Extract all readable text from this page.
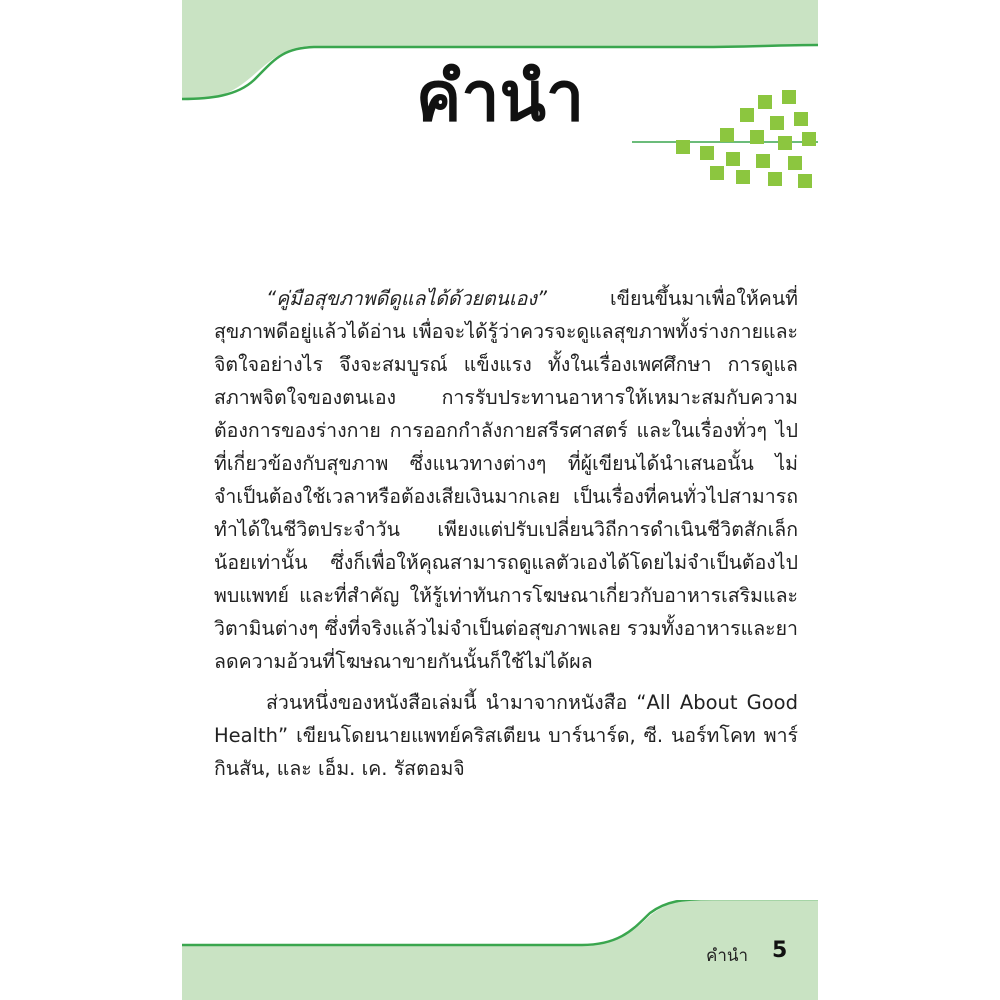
คำนำ

“คู่มือสุขภาพดีดูแลได้ด้วยตนเอง” เขียนขึ้นมาเพื่อให้คนที่สุขภาพดีอยู่แล้วได้อ่าน เพื่อจะได้รู้ว่าควรจะดูแลสุขภาพทั้งร่างกายและจิตใจอย่างไร จึงจะสมบูรณ์ แข็งแรง ทั้งในเรื่องเพศศึกษา การดูแลสภาพจิตใจของตนเอง การรับประทานอาหารให้เหมาะสมกับความต้องการของร่างกาย การออกกำลังกายสรีรศาสตร์ และในเรื่องทั่วๆ ไปที่เกี่ยวข้องกับสุขภาพ ซึ่งแนวทางต่างๆ ที่ผู้เขียนได้นำเสนอนั้น ไม่จำเป็นต้องใช้เวลาหรือต้องเสียเงินมากเลย เป็นเรื่องที่คนทั่วไปสามารถทำได้ในชีวิตประจำวัน เพียงแต่ปรับเปลี่ยนวิถีการดำเนินชีวิตสักเล็กน้อยเท่านั้น ซึ่งก็เพื่อให้คุณสามารถดูแลตัวเองได้โดยไม่จำเป็นต้องไปพบแพทย์ และที่สำคัญ ให้รู้เท่าทันการโฆษณาเกี่ยวกับอาหารเสริมและวิตามินต่างๆ ซึ่งที่จริงแล้วไม่จำเป็นต่อสุขภาพเลย รวมทั้งอาหารและยาลดความอ้วนที่โฆษณาขายกันนั้นก็ใช้ไม่ได้ผล

ส่วนหนึ่งของหนังสือเล่มนี้ นำมาจากหนังสือ “All About Good Health” เขียนโดยนายแพทย์คริสเตียน บาร์นาร์ด, ซี. นอร์ทโคท พาร์กินสัน, และ เอ็ม. เค. รัสตอมจิ

คำนำ 5
